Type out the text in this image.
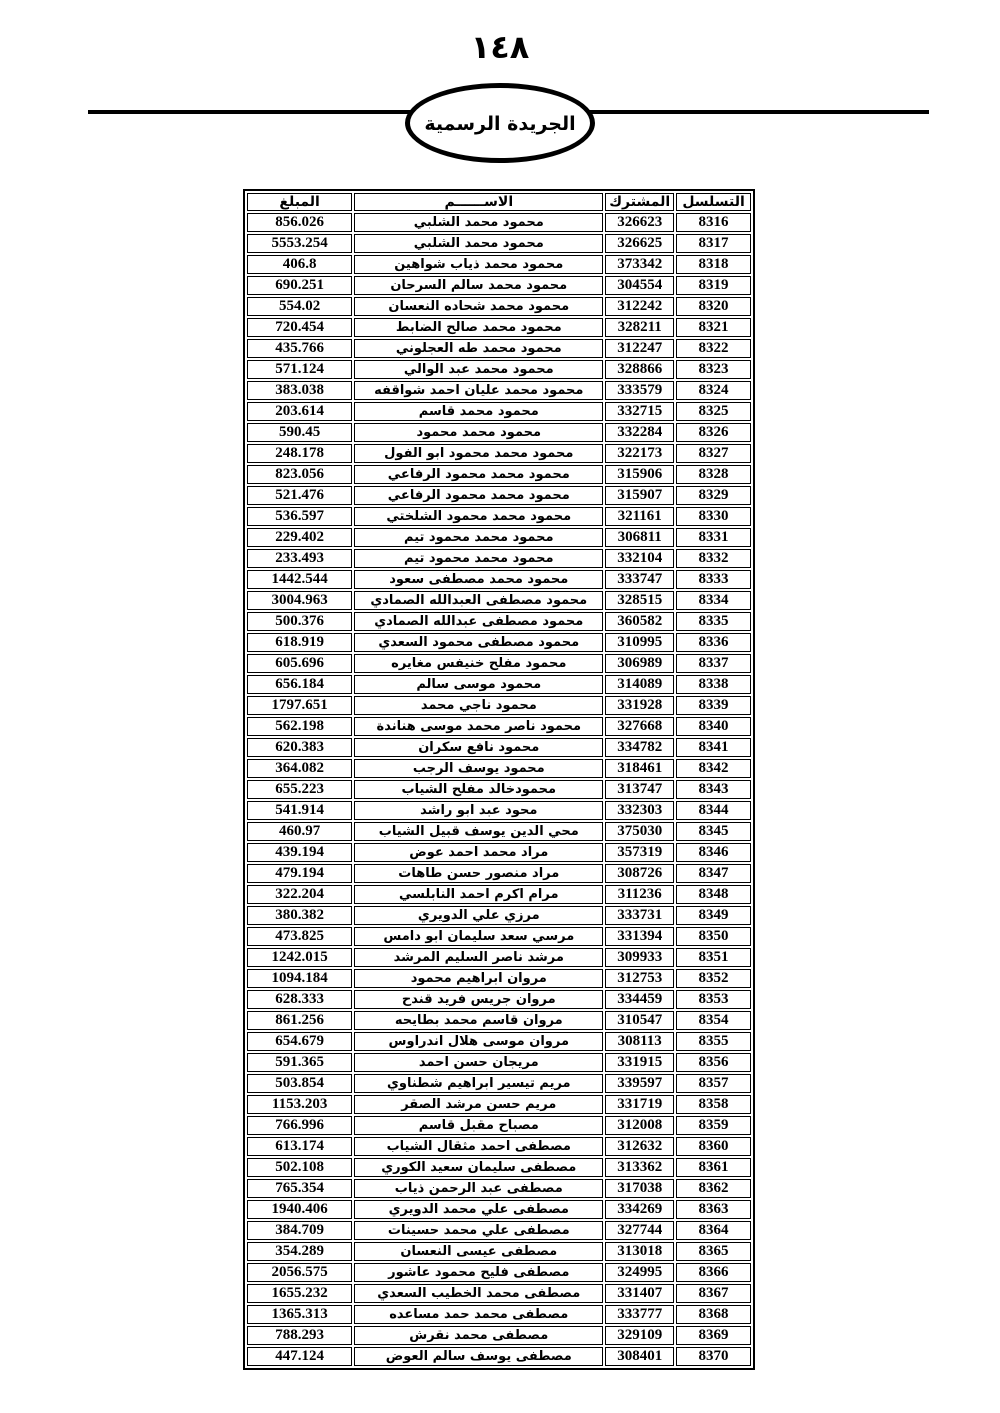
١٤٨
الجريدة الرسمية
التسلسل	المشترك	الاســــــم	المبلغ
8316	326623	محمود محمد الشلبي	856.026
8317	326625	محمود محمد الشلبي	5553.254
8318	373342	محمود محمد ذياب شواهين	406.8
8319	304554	محمود محمد سالم السرحان	690.251
8320	312242	محمود محمد شحاده النعسان	554.02
8321	328211	محمود محمد صالح الضابط	720.454
8322	312247	محمود محمد طه العجلوني	435.766
8323	328866	محمود محمد عبد الوالي	571.124
8324	333579	محمود محمد عليان احمد شواقفه	383.038
8325	332715	محمود محمد قاسم	203.614
8326	332284	محمود محمد محمود	590.45
8327	322173	محمود محمد محمود ابو الفول	248.178
8328	315906	محمود محمد محمود الرفاعي	823.056
8329	315907	محمود محمد محمود الرفاعي	521.476
8330	321161	محمود محمد محمود الشلختي	536.597
8331	306811	محمود محمد محمود تيم	229.402
8332	332104	محمود محمد محمود تيم	233.493
8333	333747	محمود محمد مصطفى سعود	1442.544
8334	328515	محمود مصطفى العبدالله الصمادي	3004.963
8335	360582	محمود مصطفى عبدالله الصمادي	500.376
8336	310995	محمود مصطفى محمود السعدي	618.919
8337	306989	محمود مفلح خنيفس مغايره	605.696
8338	314089	محمود موسى سالم	656.184
8339	331928	محمود ناجي محمد	1797.651
8340	327668	محمود ناصر محمد موسى هناندة	562.198
8341	334782	محمود نافع سكران	620.383
8342	318461	محمود يوسف الرجب	364.082
8343	313747	محمودخالد مفلح الشياب	655.223
8344	332303	محود عبد ابو راشد	541.914
8345	375030	محي الدين يوسف قبيل الشياب	460.97
8346	357319	مراد محمد احمد عوض	439.194
8347	308726	مراد منصور حسن طاهات	479.194
8348	311236	مرام اكرم احمد النابلسي	322.204
8349	333731	مرزي علي الدويري	380.382
8350	331394	مرسي سعد سليمان ابو دامس	473.825
8351	309933	مرشد ناصر السليم المرشد	1242.015
8352	312753	مروان ابراهيم محمود	1094.184
8353	334459	مروان جريس فريد قندح	628.333
8354	310547	مروان قاسم محمد بطايحه	861.256
8355	308113	مروان موسى هلال اندراوس	654.679
8356	331915	مريجان حسن احمد	591.365
8357	339597	مريم تيسير ابراهيم شطناوي	503.854
8358	331719	مريم حسن مرشد الصقر	1153.203
8359	312008	مصباح مقبل قاسم	766.996
8360	312632	مصطفى احمد مثقال الشياب	613.174
8361	313362	مصطفى سليمان سعيد الكوري	502.108
8362	317038	مصطفى عبد الرحمن ذياب	765.354
8363	334269	مصطفى علي محمد الدويري	1940.406
8364	327744	مصطفى علي محمد حسينات	384.709
8365	313018	مصطفى عيسى النعسان	354.289
8366	324995	مصطفى فليح محمود عاشور	2056.575
8367	331407	مصطفى محمد الخطيب السعدي	1655.232
8368	333777	مصطفى محمد حمد مساعده	1365.313
8369	329109	مصطفى محمد نقرش	788.293
8370	308401	مصطفى يوسف سالم العوض	447.124
